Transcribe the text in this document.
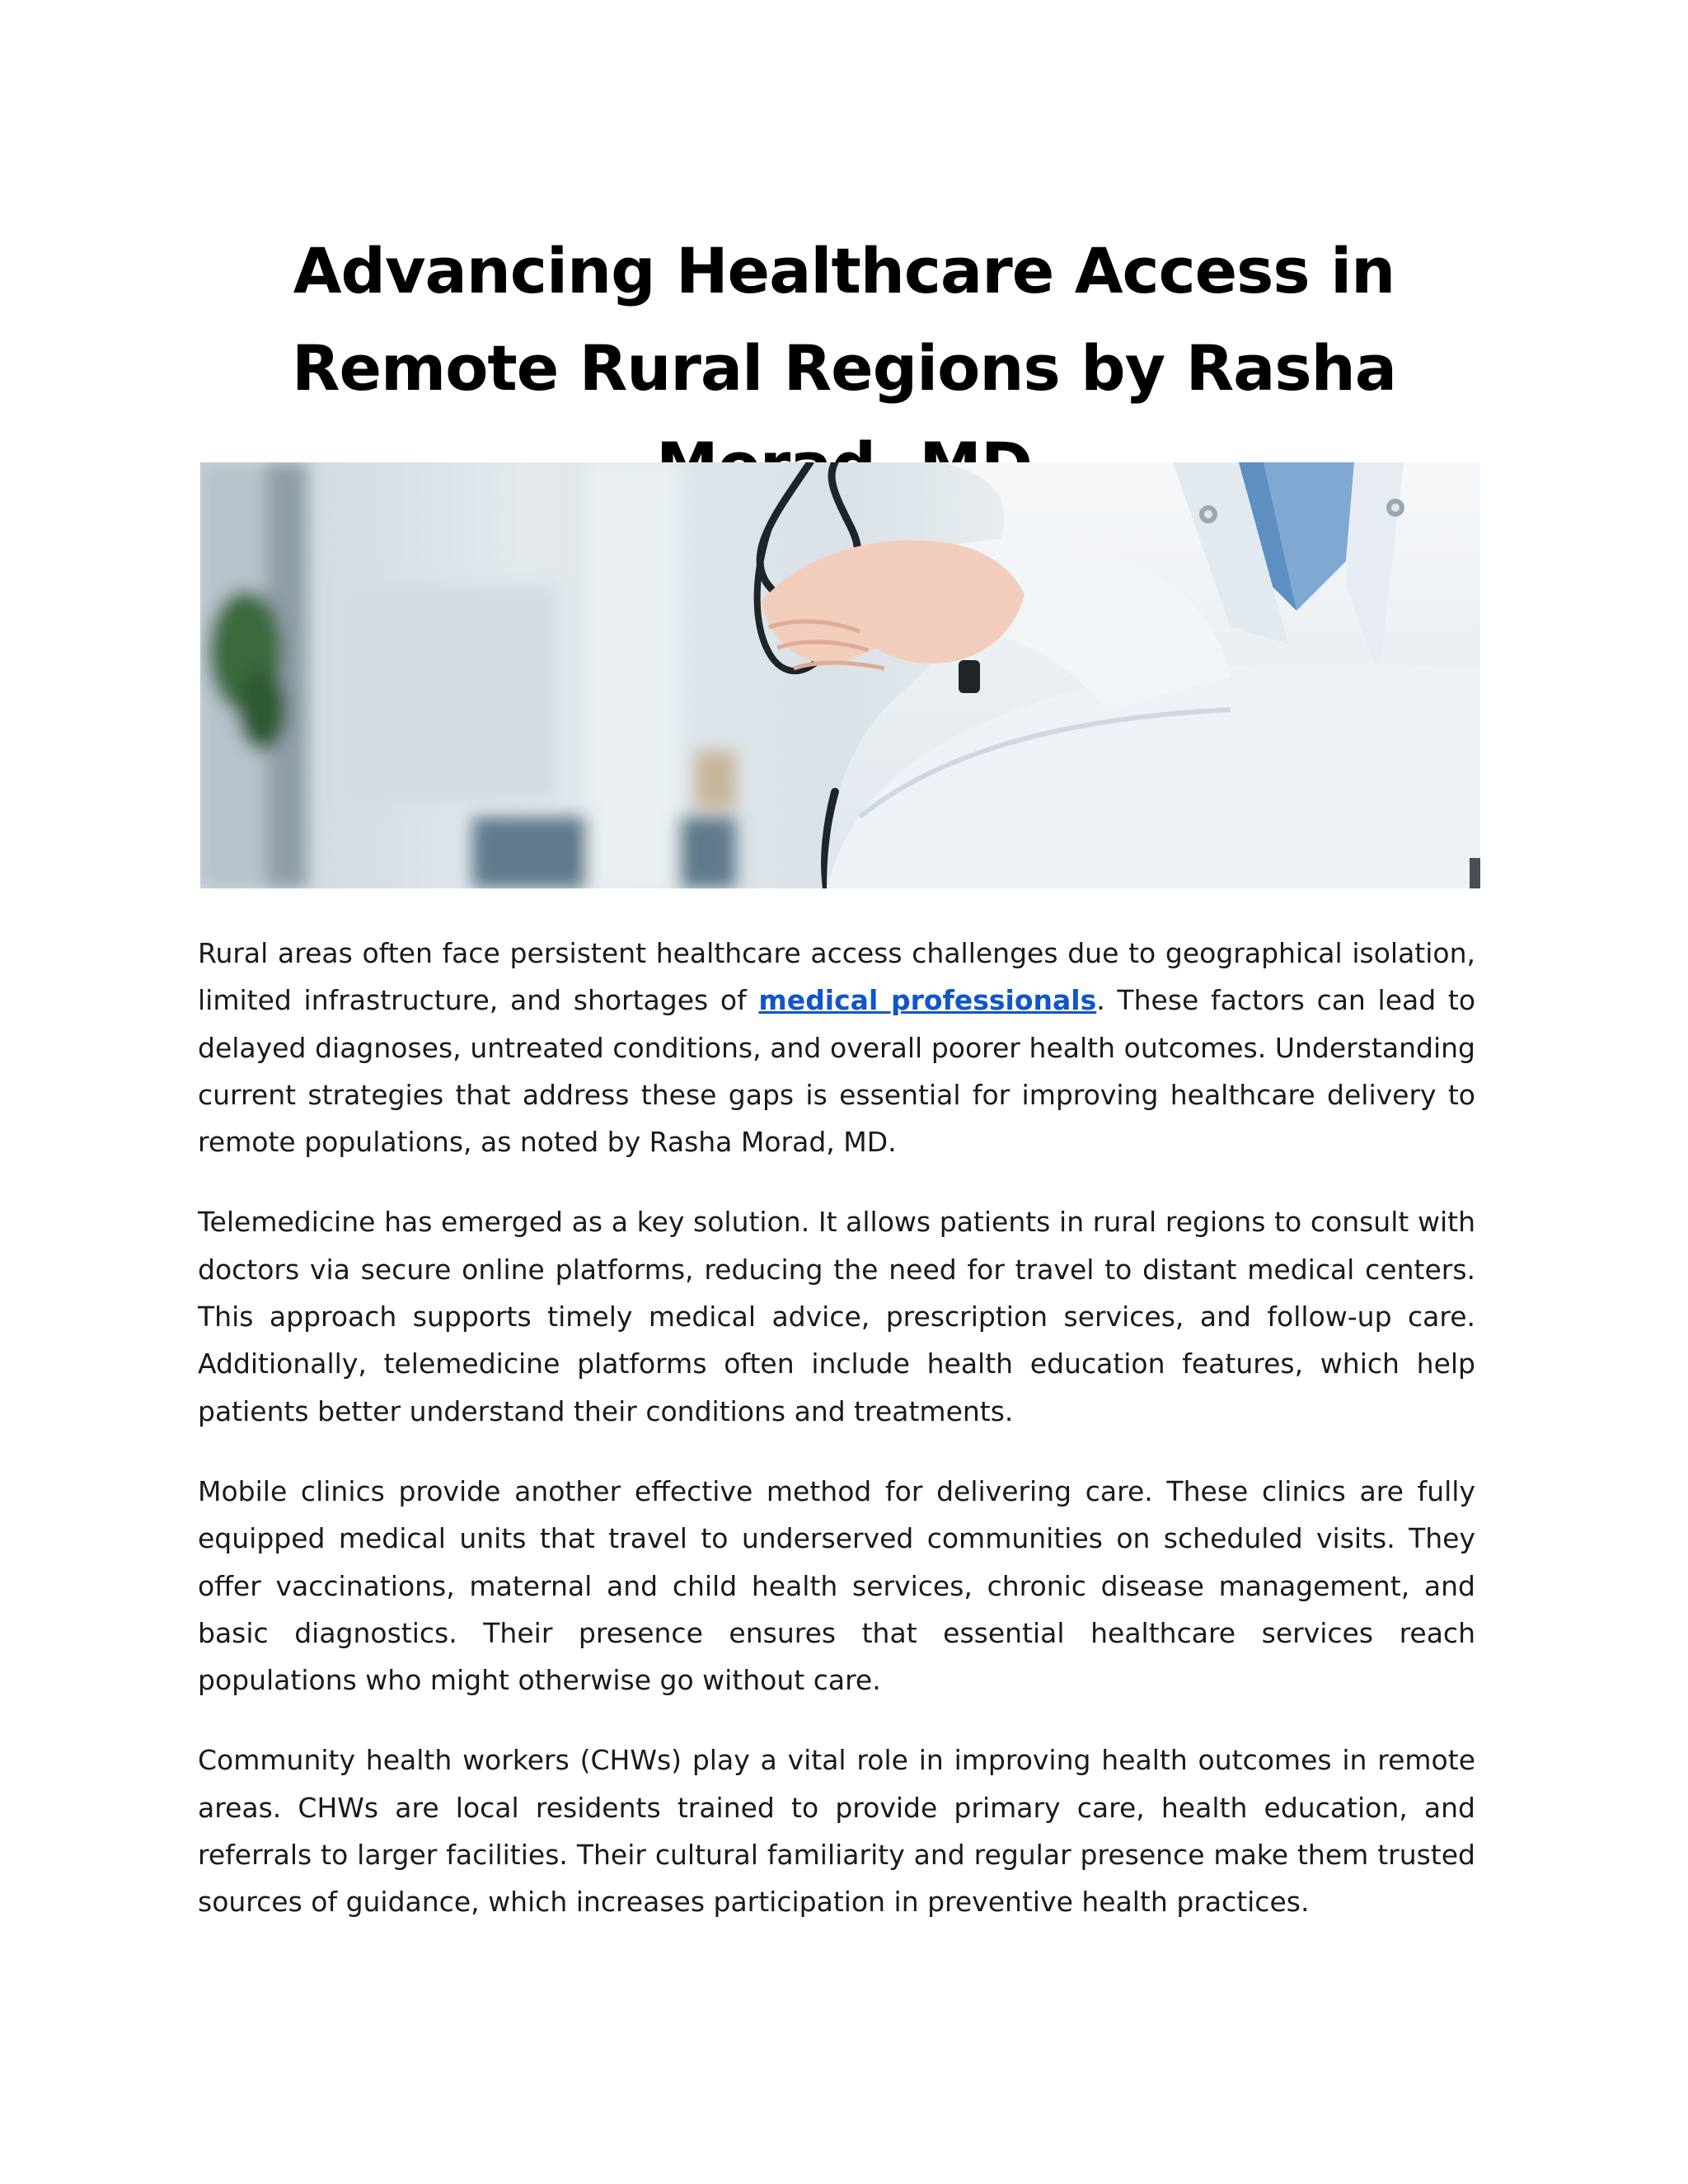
Advancing Healthcare Access in Remote Rural Regions by Rasha

Rural areas often face persistent healthcare access challenges due to geographical isolation, limited infrastructure, and shortages of medical professionals. These factors can lead to delayed diagnoses, untreated conditions, and overall poorer health outcomes. Understanding current strategies that address these gaps is essential for improving healthcare delivery to remote populations, as noted by Rasha Morad, MD.

Telemedicine has emerged as a key solution. It allows patients in rural regions to consult with doctors via secure online platforms, reducing the need for travel to distant medical centers. This approach supports timely medical advice, prescription services, and follow-up care. Additionally, telemedicine platforms often include health education features, which help patients better understand their conditions and treatments.

Mobile clinics provide another effective method for delivering care. These clinics are fully equipped medical units that travel to underserved communities on scheduled visits. They offer vaccinations, maternal and child health services, chronic disease management, and basic diagnostics. Their presence ensures that essential healthcare services reach populations who might otherwise go without care.

Community health workers (CHWs) play a vital role in improving health outcomes in remote areas. CHWs are local residents trained to provide primary care, health education, and referrals to larger facilities. Their cultural familiarity and regular presence make them trusted sources of guidance, which increases participation in preventive health practices.
